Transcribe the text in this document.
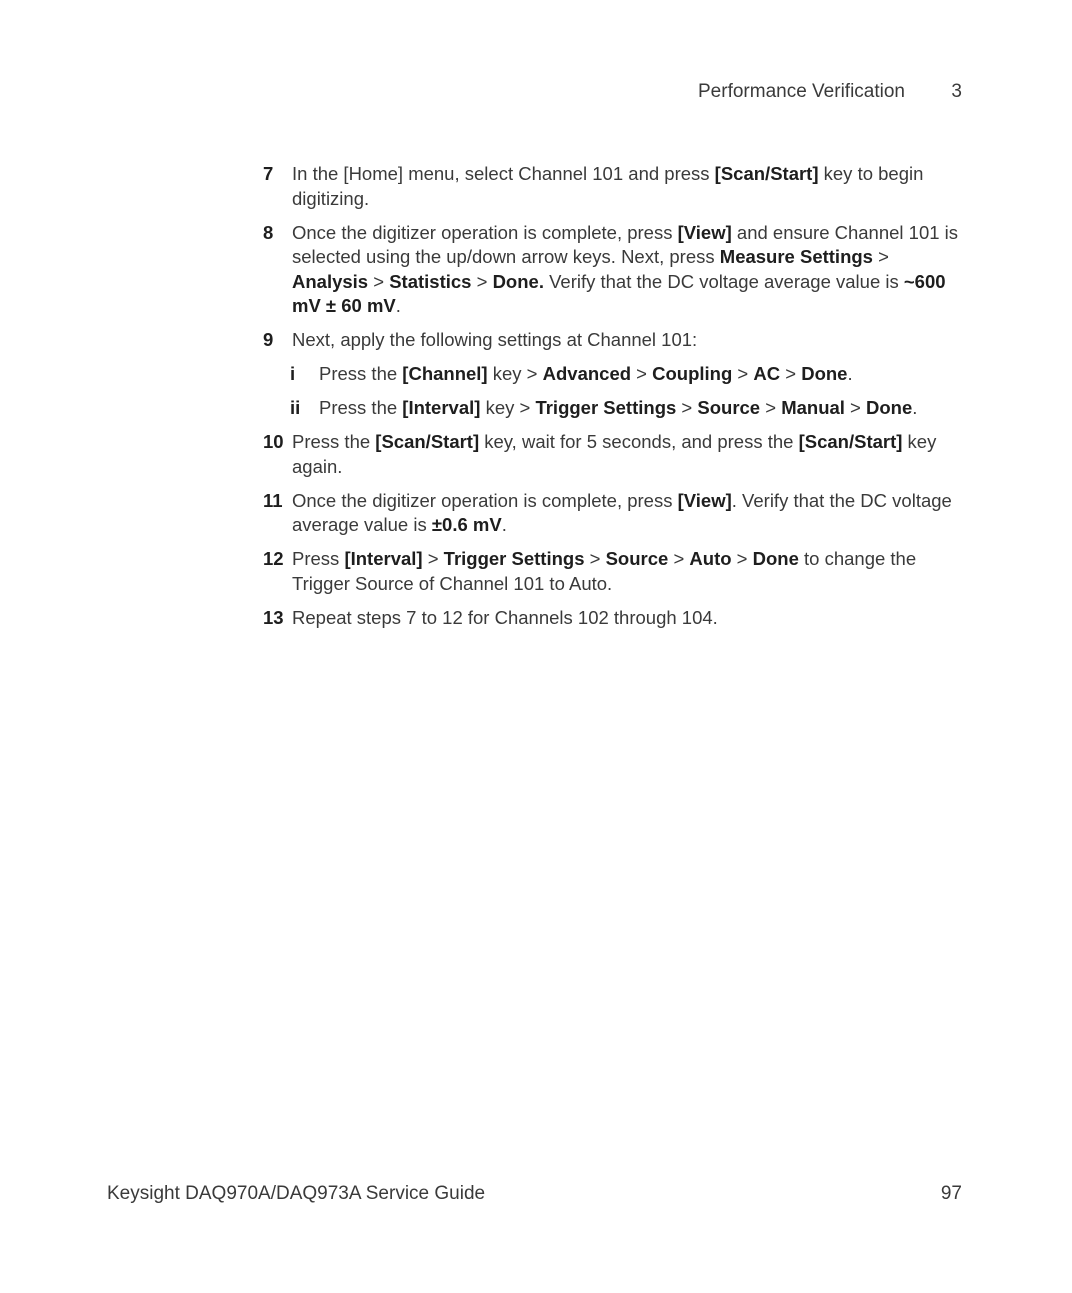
Performance Verification 3
7 In the [Home] menu, select Channel 101 and press [Scan/Start] key to begin digitizing.
8 Once the digitizer operation is complete, press [View] and ensure Channel 101 is selected using the up/down arrow keys. Next, press Measure Settings > Analysis > Statistics > Done. Verify that the DC voltage average value is ~600 mV ± 60 mV.
9 Next, apply the following settings at Channel 101:
i Press the [Channel] key > Advanced > Coupling > AC > Done.
ii Press the [Interval] key > Trigger Settings > Source > Manual > Done.
10 Press the [Scan/Start] key, wait for 5 seconds, and press the [Scan/Start] key again.
11 Once the digitizer operation is complete, press [View]. Verify that the DC voltage average value is ±0.6 mV.
12 Press [Interval] > Trigger Settings > Source > Auto > Done to change the Trigger Source of Channel 101 to Auto.
13 Repeat steps 7 to 12 for Channels 102 through 104.
Keysight DAQ970A/DAQ973A Service Guide	97
